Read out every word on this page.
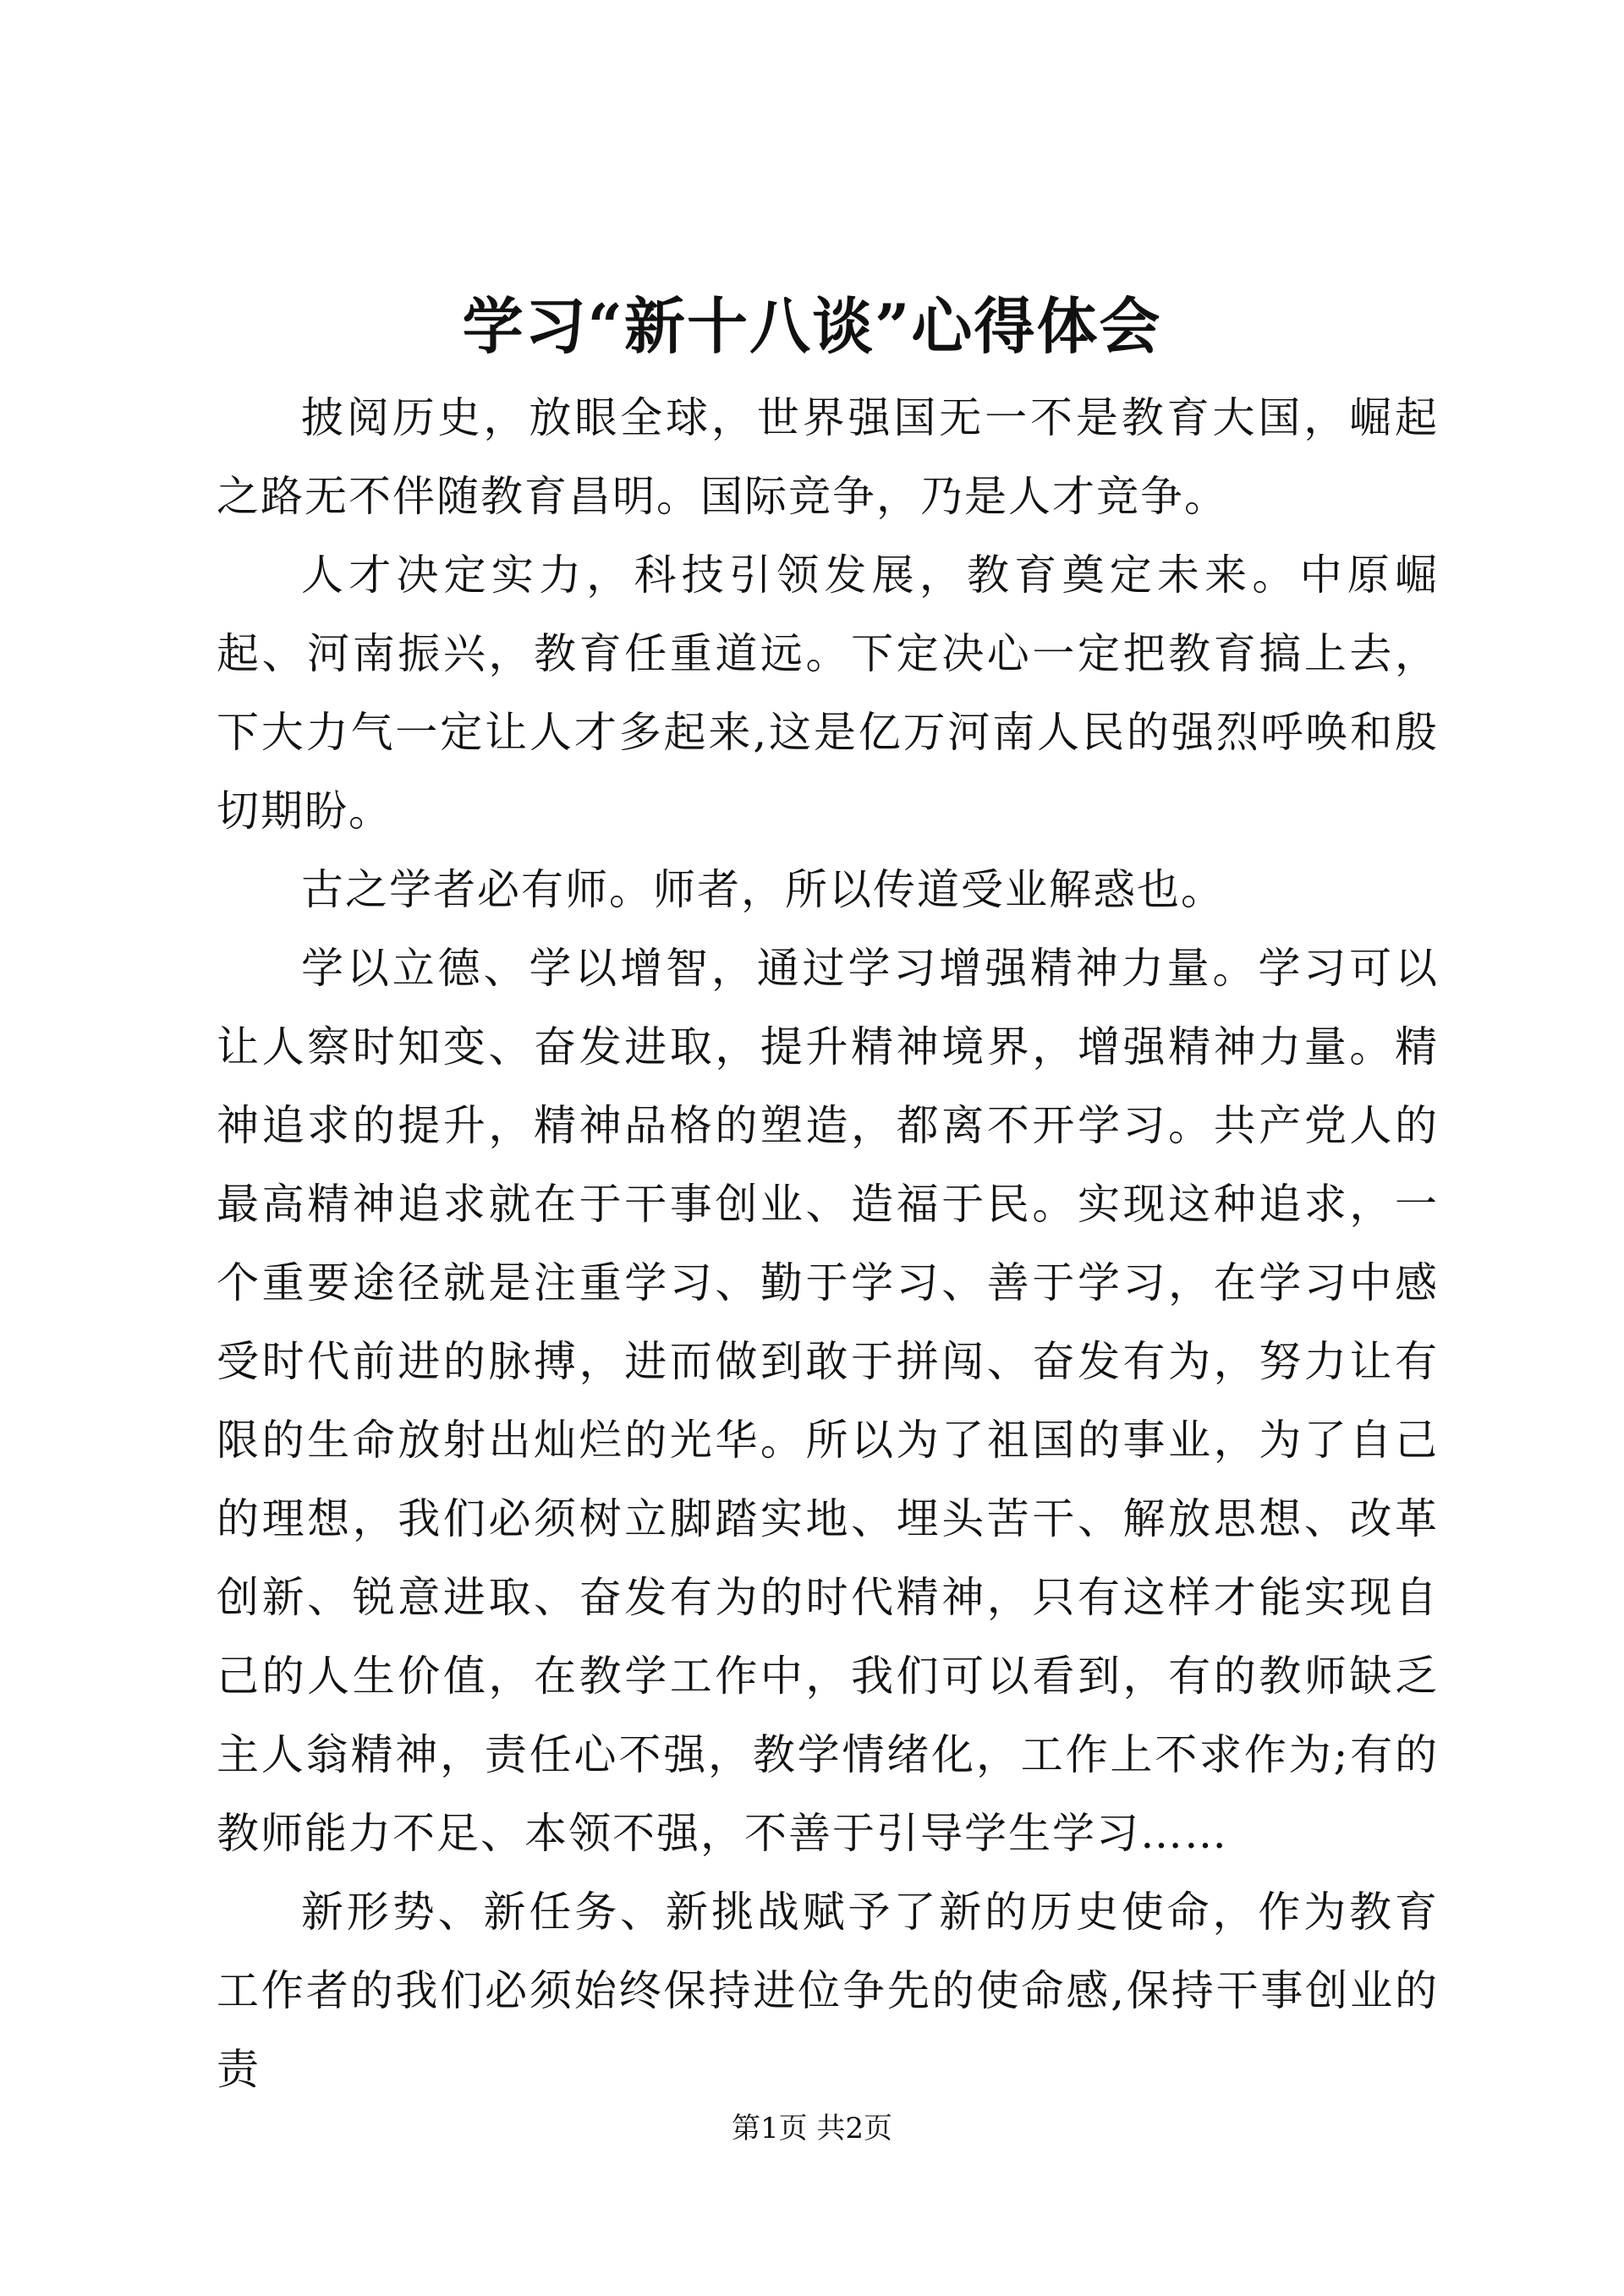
学习“新十八谈”心得体会

披阅历史，放眼全球，世界强国无一不是教育大国，崛起之路无不伴随教育昌明。国际竞争，乃是人才竞争。

人才决定实力，科技引领发展，教育奠定未来。中原崛起、河南振兴，教育任重道远。下定决心一定把教育搞上去，下大力气一定让人才多起来,这是亿万河南人民的强烈呼唤和殷切期盼。

古之学者必有师。师者，所以传道受业解惑也。

学以立德、学以增智，通过学习增强精神力量。学习可以让人察时知变、奋发进取，提升精神境界，增强精神力量。精神追求的提升，精神品格的塑造，都离不开学习。共产党人的最高精神追求就在于干事创业、造福于民。实现这种追求，一个重要途径就是注重学习、勤于学习、善于学习，在学习中感受时代前进的脉搏，进而做到敢于拼闯、奋发有为，努力让有限的生命放射出灿烂的光华。所以为了祖国的事业，为了自己的理想，我们必须树立脚踏实地、埋头苦干、解放思想、改革创新、锐意进取、奋发有为的时代精神，只有这样才能实现自己的人生价值，在教学工作中，我们可以看到，有的教师缺乏主人翁精神，责任心不强，教学情绪化，工作上不求作为;有的教师能力不足、本领不强，不善于引导学生学习……

新形势、新任务、新挑战赋予了新的历史使命，作为教育工作者的我们必须始终保持进位争先的使命感,保持干事创业的责

第1页 共2页
